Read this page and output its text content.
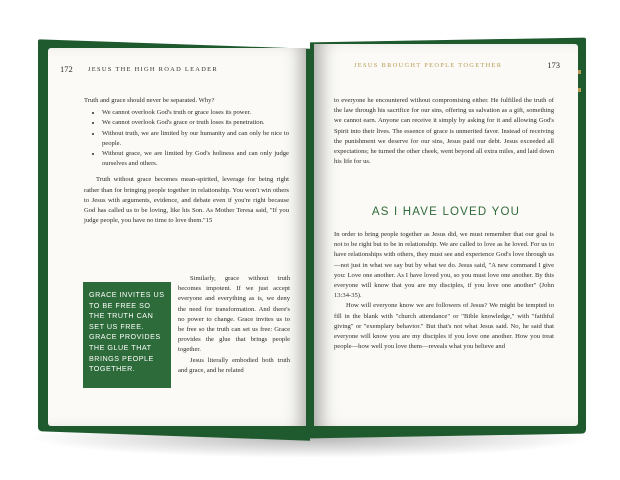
172 JESUS THE HIGH ROAD LEADER

Truth and grace should never be separated. Why?

• We cannot overlook God's truth or grace loses its power.
• We cannot overlook God's grace or truth loses its penetration.
• Without truth, we are limited by our humanity and can only be nice to people.
• Without grace, we are limited by God's holiness and can only judge ourselves and others.

Truth without grace becomes mean-spirited, leverage for being right rather than for bringing people together in relationship. You won't win others to Jesus with arguments, evidence, and debate even if you're right because God has called us to be loving, like his Son. As Mother Teresa said, "If you judge people, you have no time to love them."15

GRACE INVITES US TO BE FREE SO THE TRUTH CAN SET US FREE. GRACE PROVIDES THE GLUE THAT BRINGS PEOPLE TOGETHER.

Similarly, grace without truth becomes impotent. If we just accept everyone and everything as is, we deny the need for transformation. And there's no power to change. Grace invites us to be free so the truth can set us free: Grace provides the glue that brings people together.

Jesus literally embodied both truth and grace, and he related

JESUS BROUGHT PEOPLE TOGETHER	173

to everyone he encountered without compromising either. He fulfilled the truth of the law through his sacrifice for our sins, offering us salvation as a gift, something we cannot earn. Anyone can receive it simply by asking for it and allowing God's Spirit into their lives. The essence of grace is unmerited favor. Instead of receiving the punishment we deserve for our sins, Jesus paid our debt. Jesus exceeded all expectations; he turned the other cheek, went beyond all extra miles, and laid down his life for us.

AS I HAVE LOVED YOU

In order to bring people together as Jesus did, we must remember that our goal is not to be right but to be in relationship. We are called to love as he loved. For us to have relationships with others, they must see and experience God's love through us—not just in what we say but by what we do. Jesus said, "A new command I give you: Love one another. As I have loved you, so you must love one another. By this everyone will know that you are my disciples, if you love one another" (John 13:34-35).

How will everyone know we are followers of Jesus? We might be tempted to fill in the blank with "church attendance" or "Bible knowledge," with "faithful giving" or "exemplary behavior." But that's not what Jesus said. No, he said that everyone will know you are my disciples if you love one another. How you treat people—how well you love them—reveals what you believe and
